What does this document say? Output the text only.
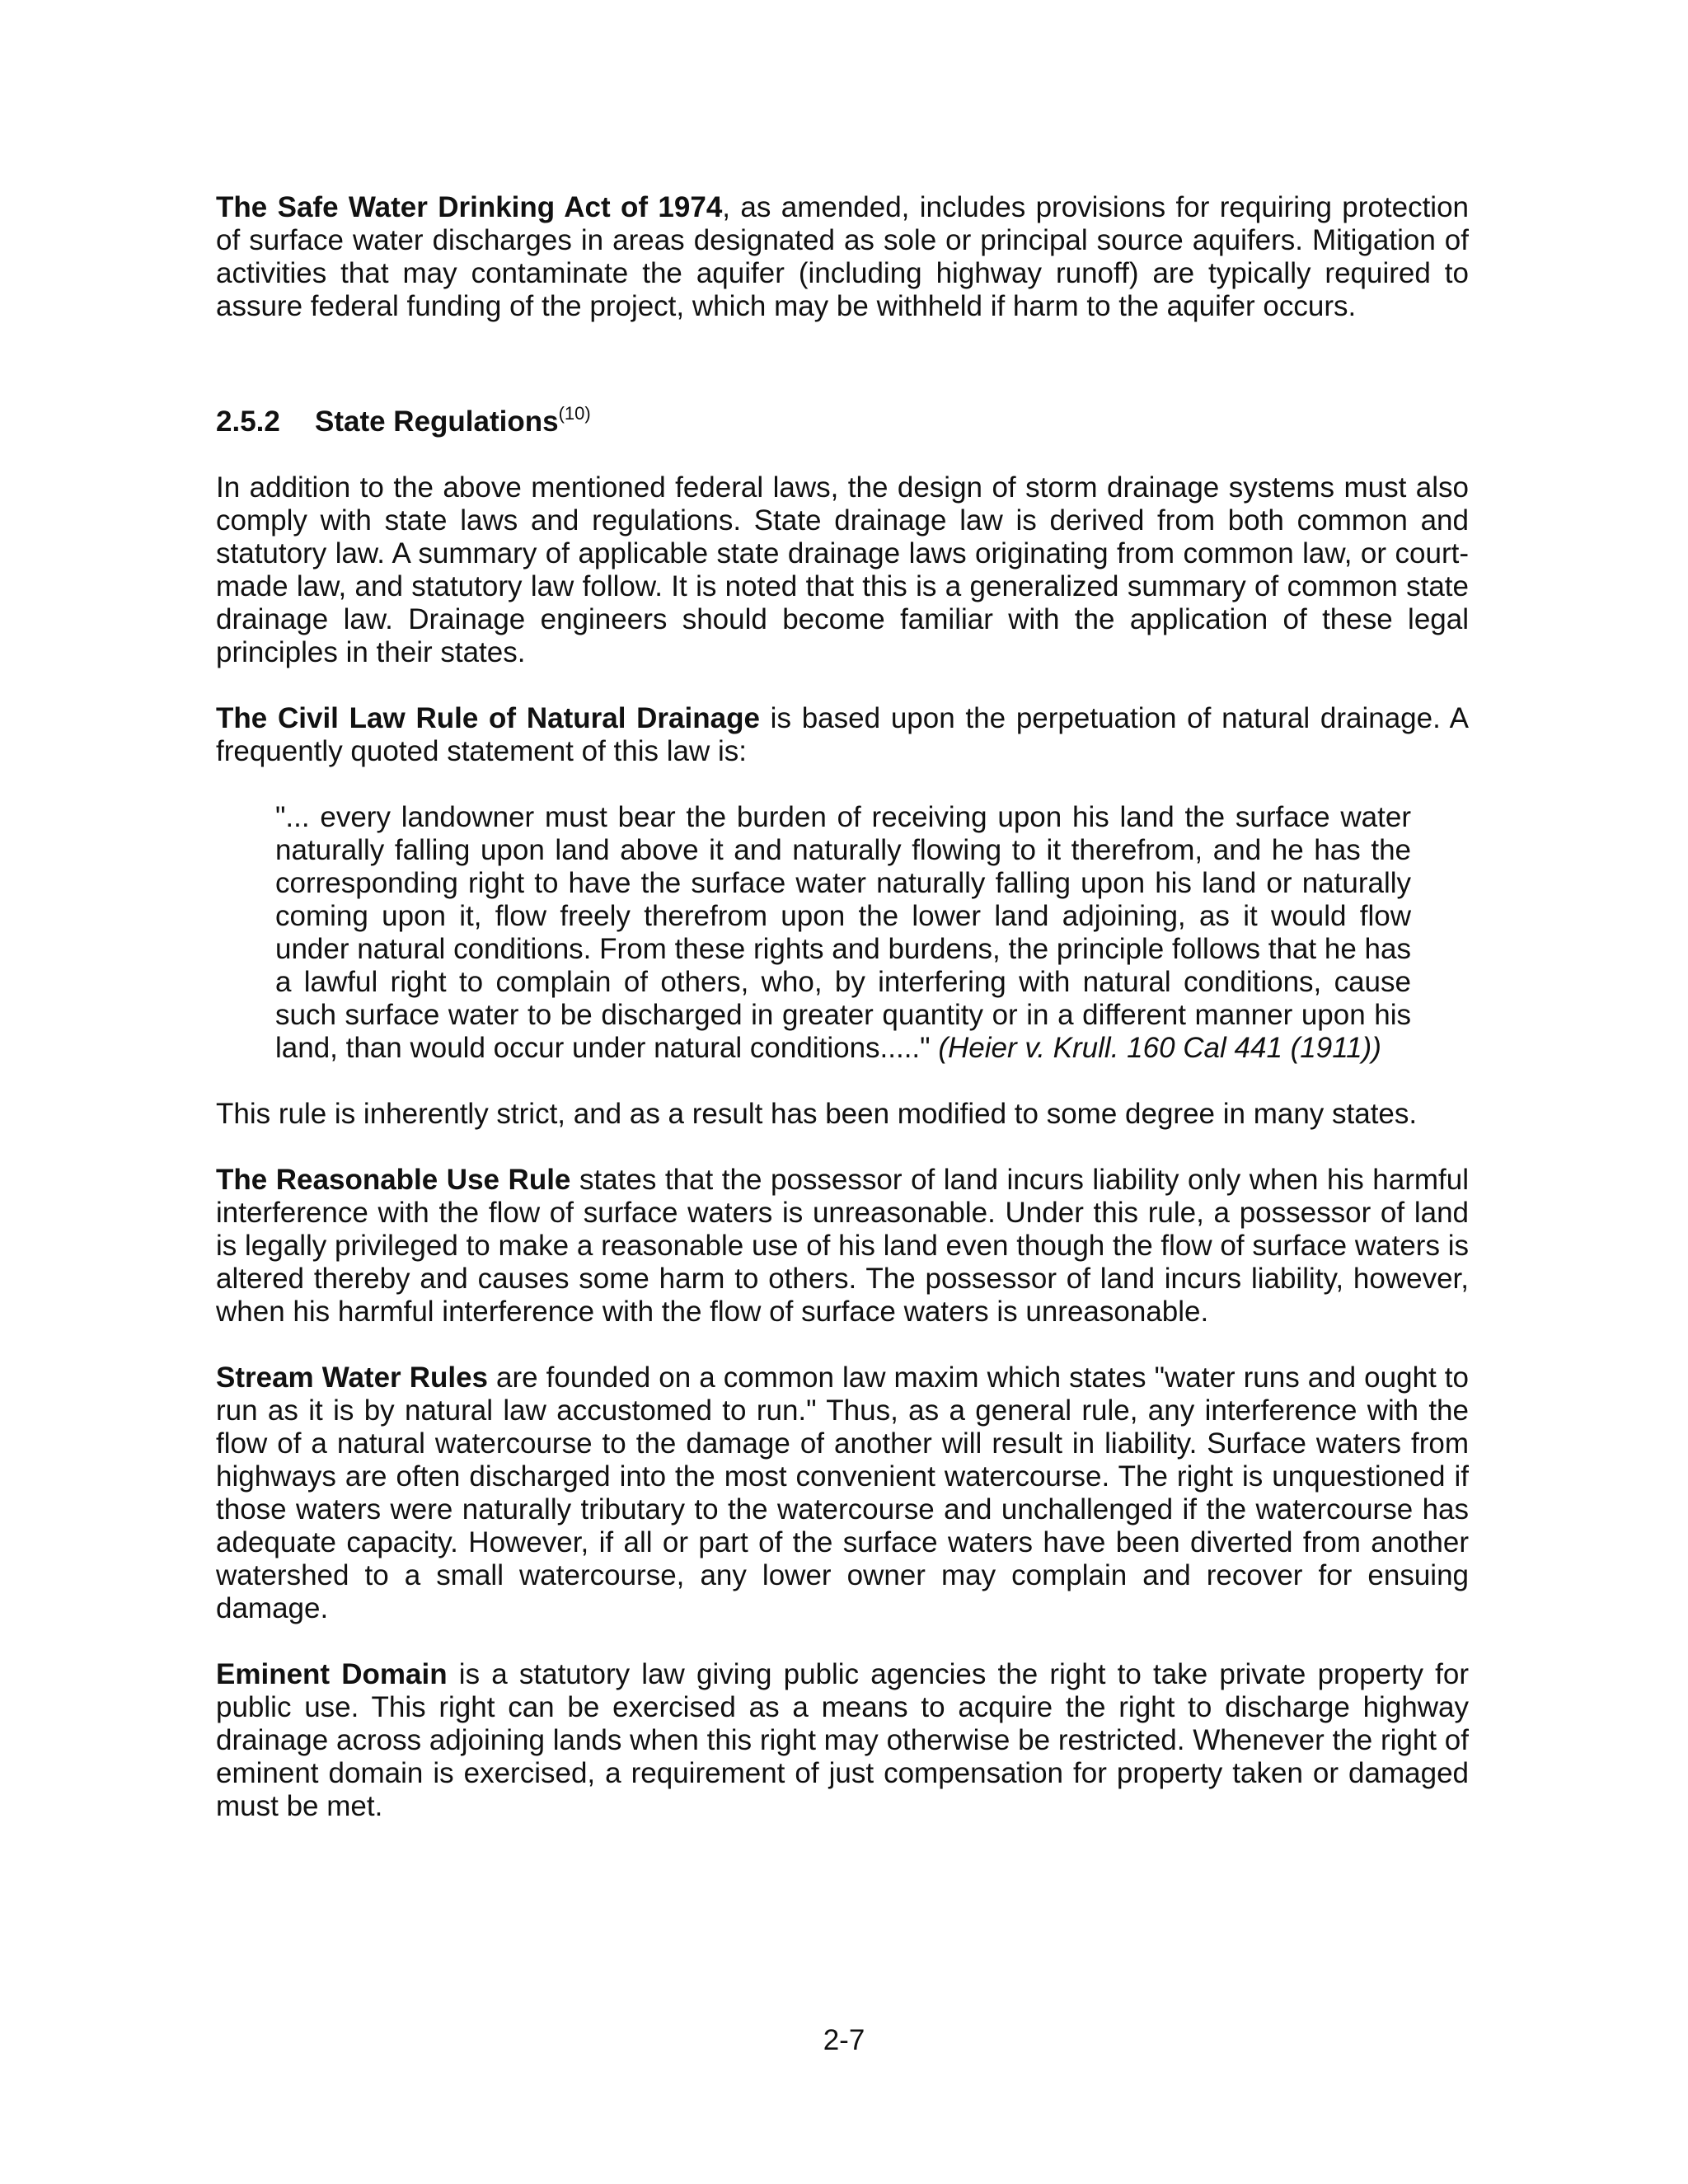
The Safe Water Drinking Act of 1974, as amended, includes provisions for requiring protection of surface water discharges in areas designated as sole or principal source aquifers. Mitigation of activities that may contaminate the aquifer (including highway runoff) are typically required to assure federal funding of the project, which may be withheld if harm to the aquifer occurs.

2.5.2 State Regulations$^{(10)}$

In addition to the above mentioned federal laws, the design of storm drainage systems must also comply with state laws and regulations. State drainage law is derived from both common and statutory law. A summary of applicable state drainage laws originating from common law, or court-made law, and statutory law follow. It is noted that this is a generalized summary of common state drainage law. Drainage engineers should become familiar with the application of these legal principles in their states.

The Civil Law Rule of Natural Drainage is based upon the perpetuation of natural drainage. A frequently quoted statement of this law is:

"... every landowner must bear the burden of receiving upon his land the surface water naturally falling upon land above it and naturally flowing to it therefrom, and he has the corresponding right to have the surface water naturally falling upon his land or naturally coming upon it, flow freely therefrom upon the lower land adjoining, as it would flow under natural conditions. From these rights and burdens, the principle follows that he has a lawful right to complain of others, who, by interfering with natural conditions, cause such surface water to be discharged in greater quantity or in a different manner upon his land, than would occur under natural conditions....." (Heier v. Krull. 160 Cal 441 (1911))

This rule is inherently strict, and as a result has been modified to some degree in many states.

The Reasonable Use Rule states that the possessor of land incurs liability only when his harmful interference with the flow of surface waters is unreasonable. Under this rule, a possessor of land is legally privileged to make a reasonable use of his land even though the flow of surface waters is altered thereby and causes some harm to others. The possessor of land incurs liability, however, when his harmful interference with the flow of surface waters is unreasonable.

Stream Water Rules are founded on a common law maxim which states "water runs and ought to run as it is by natural law accustomed to run." Thus, as a general rule, any interference with the flow of a natural watercourse to the damage of another will result in liability. Surface waters from highways are often discharged into the most convenient watercourse. The right is unquestioned if those waters were naturally tributary to the watercourse and unchallenged if the watercourse has adequate capacity. However, if all or part of the surface waters have been diverted from another watershed to a small watercourse, any lower owner may complain and recover for ensuing damage.

Eminent Domain is a statutory law giving public agencies the right to take private property for public use. This right can be exercised as a means to acquire the right to discharge highway drainage across adjoining lands when this right may otherwise be restricted. Whenever the right of eminent domain is exercised, a requirement of just compensation for property taken or damaged must be met.

2-7
